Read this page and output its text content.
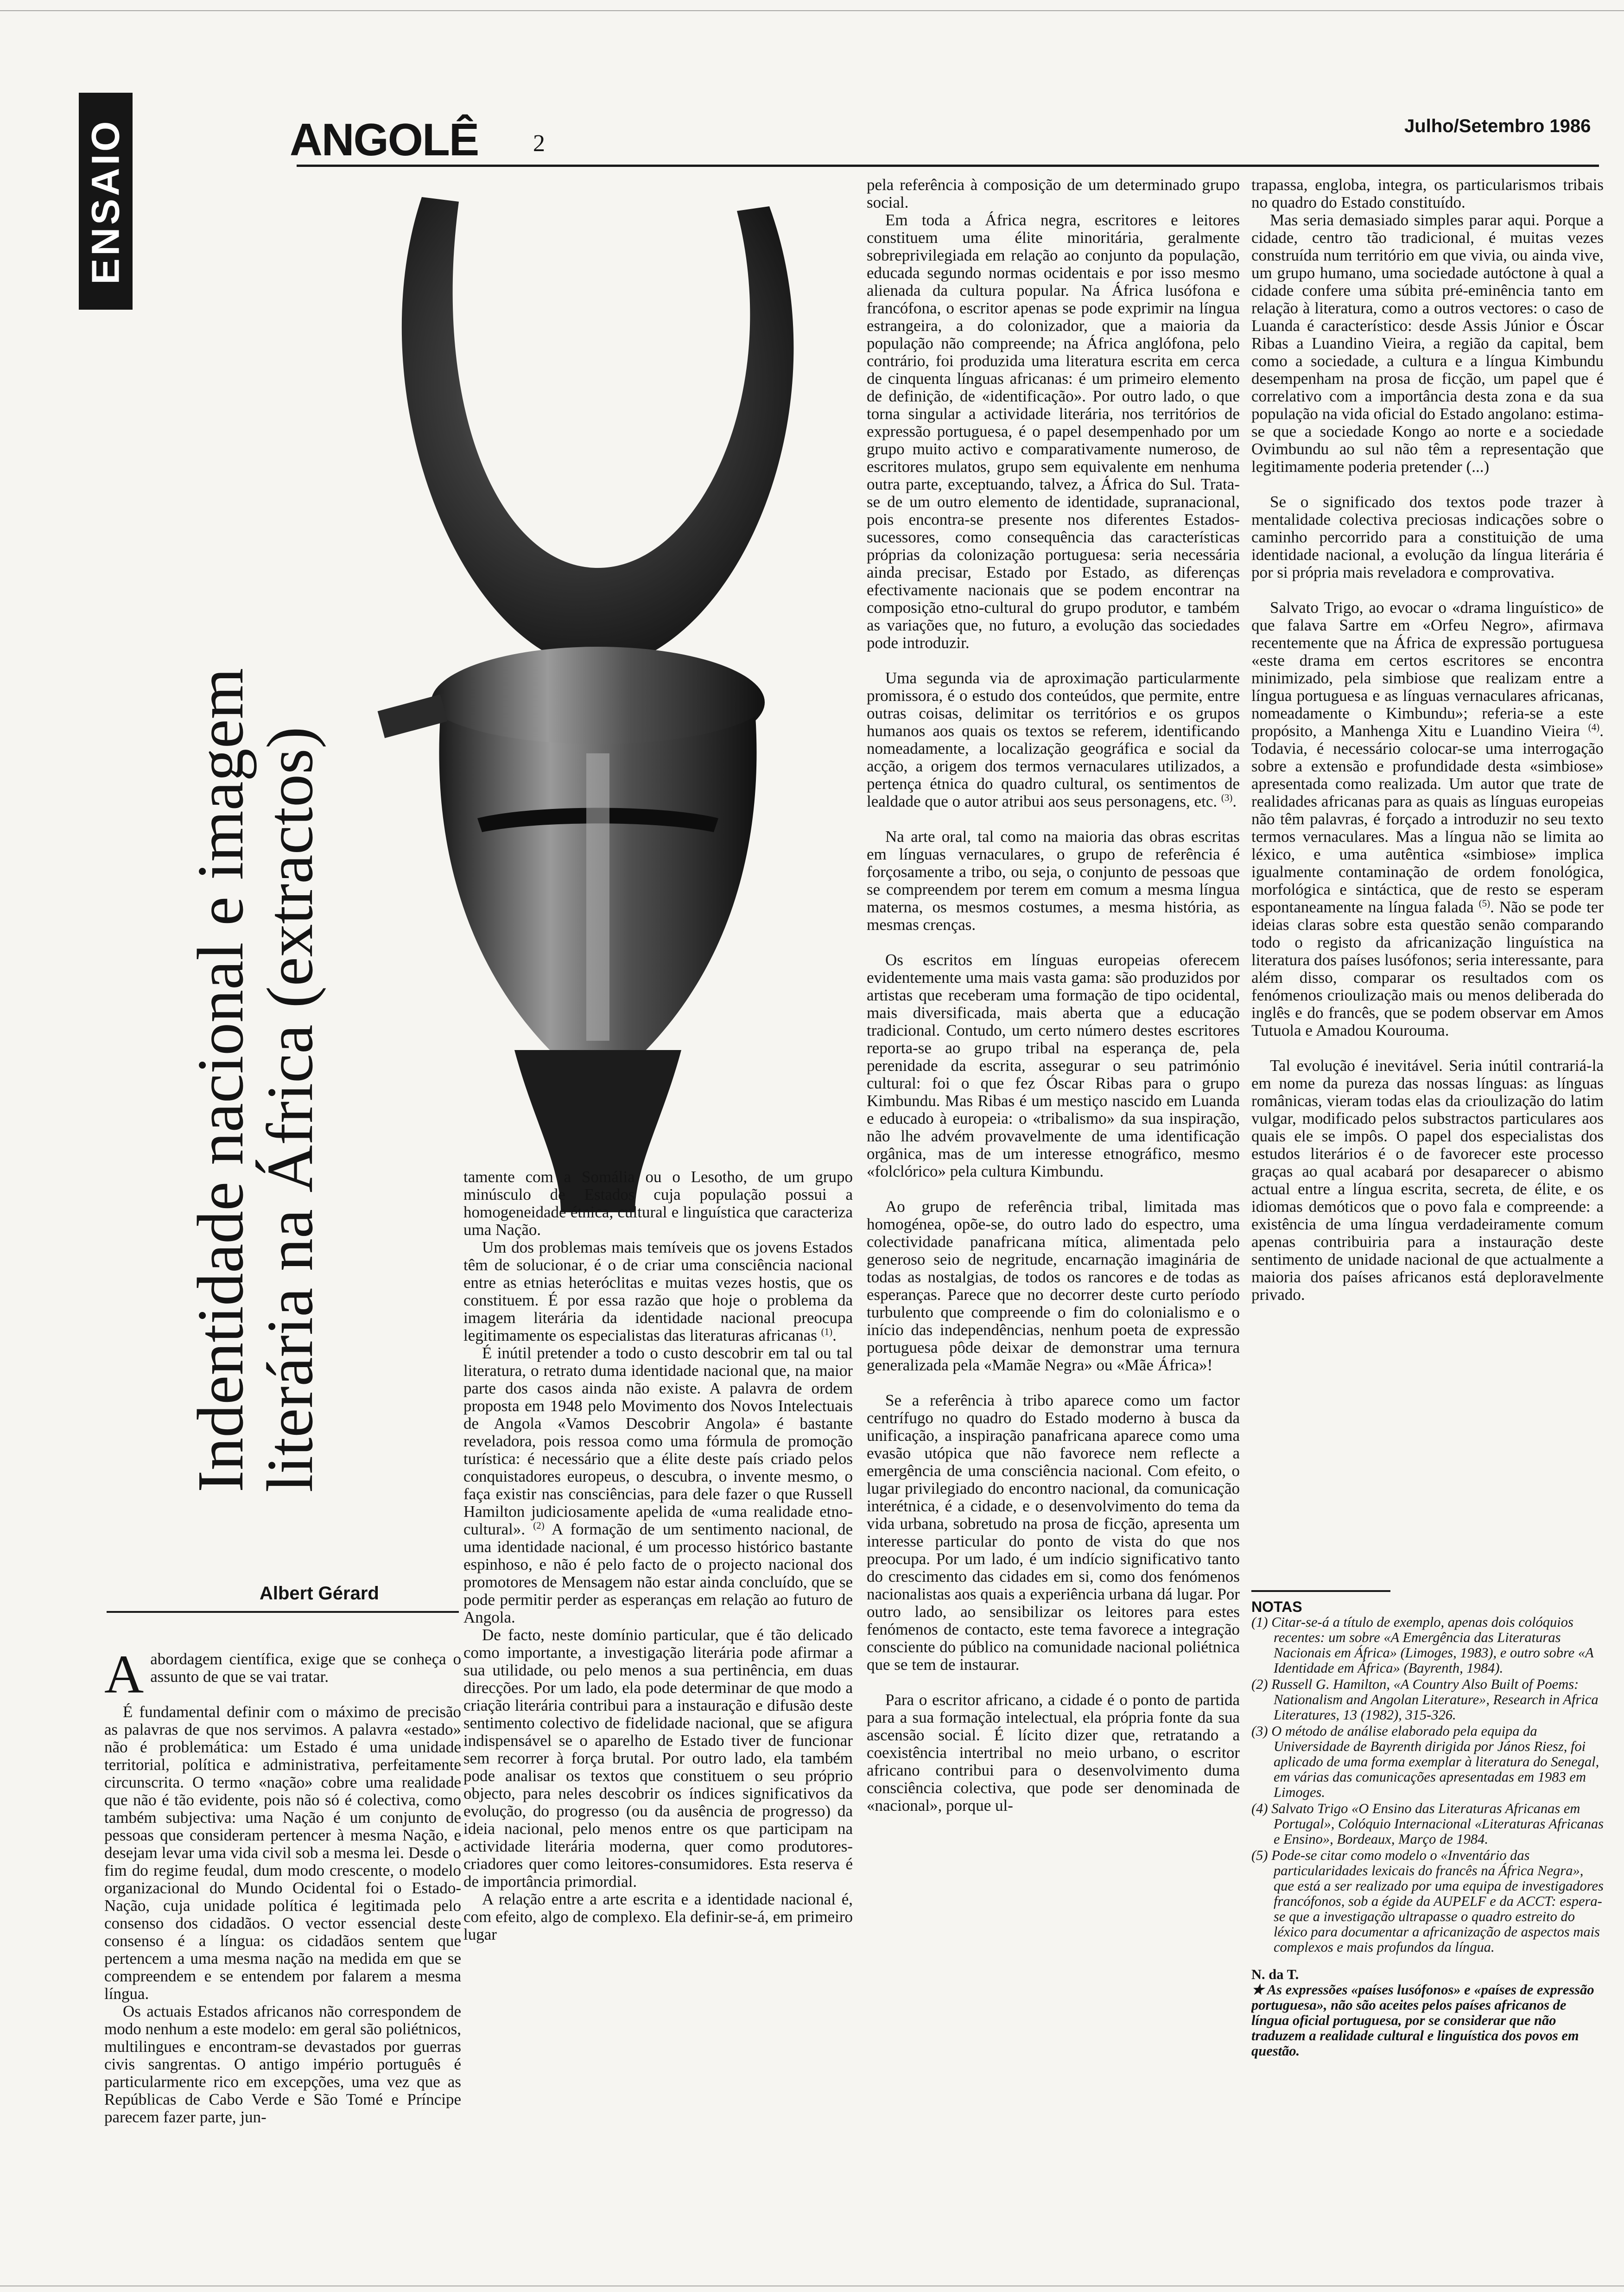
ENSAIO	ANGOLÊ 2
Julho/Setembro 1986
Indentidade nacional e imagem
literária na África (extractos)
Albert Gérard

Aabordagem científica, exige que se conheça o assunto de que se vai tratar.

É fundamental definir com o máximo de precisão as palavras de que nos servimos. A palavra «estado» não é problemática: um Estado é uma unidade territorial, política e administrativa, perfeitamente circunscrita. O termo «nação» cobre uma realidade que não é tão evidente, pois não só é colectiva, como também subjectiva: uma Nação é um conjunto de pessoas que consideram pertencer à mesma Nação, e desejam levar uma vida civil sob a mesma lei. Desde o fim do regime feudal, dum modo crescente, o modelo organizacional do Mundo Ocidental foi o Estado-Nação, cuja unidade política é legitimada pelo consenso dos cidadãos. O vector essencial deste consenso é a língua: os cidadãos sentem que pertencem a uma mesma nação na medida em que se compreendem e se entendem por falarem a mesma língua.

Os actuais Estados africanos não correspondem de modo nenhum a este modelo: em geral são poliétnicos, multilingues e encontram-se devastados por guerras civis sangrentas. O antigo império português é particularmente rico em excepções, uma vez que as Repúblicas de Cabo Verde e São Tomé e Príncipe parecem fazer parte, jun-

tamente com a Somália ou o Lesotho, de um grupo minúsculo de Estados cuja população possui a homogeneidade étnica, cultural e linguística que caracteriza uma Nação.

Um dos problemas mais temíveis que os jovens Estados têm de solucionar, é o de criar uma consciência nacional entre as etnias heteróclitas e muitas vezes hostis, que os constituem. É por essa razão que hoje o problema da imagem literária da identidade nacional preocupa legitimamente os especialistas das literaturas africanas $^{(1)}$.

É inútil pretender a todo o custo descobrir em tal ou tal literatura, o retrato duma identidade nacional que, na maior parte dos casos ainda não existe. A palavra de ordem proposta em 1948 pelo Movimento dos Novos Intelectuais de Angola «Vamos Descobrir Angola» é bastante reveladora, pois ressoa como uma fórmula de promoção turística: é necessário que a élite deste país criado pelos conquistadores europeus, o descubra, o invente mesmo, o faça existir nas consciências, para dele fazer o que Russell Hamilton judiciosamente apelida de «uma realidade etno-cultural». $^{(2)}$ A formação de um sentimento nacional, de uma identidade nacional, é um processo histórico bastante espinhoso, e não é pelo facto de o projecto nacional dos promotores de Mensagem não estar ainda concluído, que se pode permitir perder as esperanças em relação ao futuro de Angola.

De facto, neste domínio particular, que é tão delicado como importante, a investigação literária pode afirmar a sua utilidade, ou pelo menos a sua pertinência, em duas direcções. Por um lado, ela pode determinar de que modo a criação literária contribui para a instauração e difusão deste sentimento colectivo de fidelidade nacional, que se afigura indispensável se o aparelho de Estado tiver de funcionar sem recorrer à força brutal. Por outro lado, ela também pode analisar os textos que constituem o seu próprio objecto, para neles descobrir os índices significativos da evolução, do progresso (ou da ausência de progresso) da ideia nacional, pelo menos entre os que participam na actividade literária moderna, quer como produtores-criadores quer como leitores-consumidores. Esta reserva é de importância primordial.

A relação entre a arte escrita e a identidade nacional é, com efeito, algo de complexo. Ela definir-se-á, em primeiro lugar

pela referência à composição de um determinado grupo social.

Em toda a África negra, escritores e leitores constituem uma élite minoritária, geralmente sobreprivilegiada em relação ao conjunto da população, educada segundo normas ocidentais e por isso mesmo alienada da cultura popular. Na África lusófona e francófona, o escritor apenas se pode exprimir na língua estrangeira, a do colonizador, que a maioria da população não compreende; na África anglófona, pelo contrário, foi produzida uma literatura escrita em cerca de cinquenta línguas africanas: é um primeiro elemento de definição, de «identificação». Por outro lado, o que torna singular a actividade literária, nos territórios de expressão portuguesa, é o papel desempenhado por um grupo muito activo e comparativamente numeroso, de escritores mulatos, grupo sem equivalente em nenhuma outra parte, exceptuando, talvez, a África do Sul. Trata-se de um outro elemento de identidade, supranacional, pois encontra-se presente nos diferentes Estados-sucessores, como consequência das características próprias da colonização portuguesa: seria necessária ainda precisar, Estado por Estado, as diferenças efectivamente nacionais que se podem encontrar na composição etno-cultural do grupo produtor, e também as variações que, no futuro, a evolução das sociedades pode introduzir.

Uma segunda via de aproximação particularmente promissora, é o estudo dos conteúdos, que permite, entre outras coisas, delimitar os territórios e os grupos humanos aos quais os textos se referem, identificando nomeadamente, a localização geográfica e social da acção, a origem dos termos vernaculares utilizados, a pertença étnica do quadro cultural, os sentimentos de lealdade que o autor atribui aos seus personagens, etc. $^{(3)}$.

Na arte oral, tal como na maioria das obras escritas em línguas vernaculares, o grupo de referência é forçosamente a tribo, ou seja, o conjunto de pessoas que se compreendem por terem em comum a mesma língua materna, os mesmos costumes, a mesma história, as mesmas crenças.

Os escritos em línguas europeias oferecem evidentemente uma mais vasta gama: são produzidos por artistas que receberam uma formação de tipo ocidental, mais diversificada, mais aberta que a educação tradicional. Contudo, um certo número destes escritores reporta-se ao grupo tribal na esperança de, pela perenidade da escrita, assegurar o seu património cultural: foi o que fez Óscar Ribas para o grupo Kimbundu. Mas Ribas é um mestiço nascido em Luanda e educado à europeia: o «tribalismo» da sua inspiração, não lhe advém provavelmente de uma identificação orgânica, mas de um interesse etnográfico, mesmo «folclórico» pela cultura Kimbundu.

Ao grupo de referência tribal, limitada mas homogénea, opõe-se, do outro lado do espectro, uma colectividade panafricana mítica, alimentada pelo generoso seio de negritude, encarnação imaginária de todas as nostalgias, de todos os rancores e de todas as esperanças. Parece que no decorrer deste curto período turbulento que compreende o fim do colonialismo e o início das independências, nenhum poeta de expressão portuguesa pôde deixar de demonstrar uma ternura generalizada pela «Mamãe Negra» ou «Mãe África»!

Se a referência à tribo aparece como um factor centrífugo no quadro do Estado moderno à busca da unificação, a inspiração panafricana aparece como uma evasão utópica que não favorece nem reflecte a emergência de uma consciência nacional. Com efeito, o lugar privilegiado do encontro nacional, da comunicação interétnica, é a cidade, e o desenvolvimento do tema da vida urbana, sobretudo na prosa de ficção, apresenta um interesse particular do ponto de vista do que nos preocupa. Por um lado, é um indício significativo tanto do crescimento das cidades em si, como dos fenómenos nacionalistas aos quais a experiência urbana dá lugar. Por outro lado, ao sensibilizar os leitores para estes fenómenos de contacto, este tema favorece a integração consciente do público na comunidade nacional poliétnica que se tem de instaurar.

Para o escritor africano, a cidade é o ponto de partida para a sua formação intelectual, ela própria fonte da sua ascensão social. É lícito dizer que, retratando a coexistência intertribal no meio urbano, o escritor africano contribui para o desenvolvimento duma consciência colectiva, que pode ser denominada de «nacional», porque ul-

trapassa, engloba, integra, os particularismos tribais no quadro do Estado constituído.

Mas seria demasiado simples parar aqui. Porque a cidade, centro tão tradicional, é muitas vezes construída num território em que vivia, ou ainda vive, um grupo humano, uma sociedade autóctone à qual a cidade confere uma súbita pré-eminência tanto em relação à literatura, como a outros vectores: o caso de Luanda é característico: desde Assis Júnior e Óscar Ribas a Luandino Vieira, a região da capital, bem como a sociedade, a cultura e a língua Kimbundu desempenham na prosa de ficção, um papel que é correlativo com a importância desta zona e da sua população na vida oficial do Estado angolano: estima-se que a sociedade Kongo ao norte e a sociedade Ovimbundu ao sul não têm a representação que legitimamente poderia pretender (...)

Se o significado dos textos pode trazer à mentalidade colectiva preciosas indicações sobre o caminho percorrido para a constituição de uma identidade nacional, a evolução da língua literária é por si própria mais reveladora e comprovativa.

Salvato Trigo, ao evocar o «drama linguístico» de que falava Sartre em «Orfeu Negro», afirmava recentemente que na África de expressão portuguesa «este drama em certos escritores se encontra minimizado, pela simbiose que realizam entre a língua portuguesa e as línguas vernaculares africanas, nomeadamente o Kimbundu»; referia-se a este propósito, a Manhenga Xitu e Luandino Vieira $^{(4)}$. Todavia, é necessário colocar-se uma interrogação sobre a extensão e profundidade desta «simbiose» apresentada como realizada. Um autor que trate de realidades africanas para as quais as línguas europeias não têm palavras, é forçado a introduzir no seu texto termos vernaculares. Mas a língua não se limita ao léxico, e uma autêntica «simbiose» implica igualmente contaminação de ordem fonológica, morfológica e sintáctica, que de resto se esperam espontaneamente na língua falada $^{(5)}$. Não se pode ter ideias claras sobre esta questão senão comparando todo o registo da africanização linguística na literatura dos países lusófonos; seria interessante, para além disso, comparar os resultados com os fenómenos crioulização mais ou menos deliberada do inglês e do francês, que se podem observar em Amos Tutuola e Amadou Kourouma.

Tal evolução é inevitável. Seria inútil contrariá-la em nome da pureza das nossas línguas: as línguas românicas, vieram todas elas da crioulização do latim vulgar, modificado pelos substractos particulares aos quais ele se impôs. O papel dos especialistas dos estudos literários é o de favorecer este processo graças ao qual acabará por desaparecer o abismo actual entre a língua escrita, secreta, de élite, e os idiomas demóticos que o povo fala e compreende: a existência de uma língua verdadeiramente comum apenas contribuiria para a instauração deste sentimento de unidade nacional de que actualmente a maioria dos países africanos está deploravelmente privado.

NOTAS
(1) Citar-se-á a título de exemplo, apenas dois colóquios recentes: um sobre «A Emergência das Literaturas Nacionais em África» (Limoges, 1983), e outro sobre «A Identidade em África» (Bayrenth, 1984).
(2) Russell G. Hamilton, «A Country Also Built of Poems: Nationalism and Angolan Literature», Research in Africa Literatures, 13 (1982), 315-326.
(3) O método de análise elaborado pela equipa da Universidade de Bayrenth dirigida por János Riesz, foi aplicado de uma forma exemplar à literatura do Senegal, em várias das comunicações apresentadas em 1983 em Limoges.
(4) Salvato Trigo «O Ensino das Literaturas Africanas em Portugal», Colóquio Internacional «Literaturas Africanas e Ensino», Bordeaux, Março de 1984.
(5) Pode-se citar como modelo o «Inventário das particularidades lexicais do francês na África Negra», que está a ser realizado por uma equipa de investigadores francófonos, sob a égide da AUPELF e da ACCT: espera-se que a investigação ultrapasse o quadro estreito do léxico para documentar a africanização de aspectos mais complexos e mais profundos da língua.
N. da T.
★ As expressões «países lusófonos» e «países de expressão portuguesa», não são aceites pelos países africanos de língua oficial portuguesa, por se considerar que não traduzem a realidade cultural e linguística dos povos em questão.
